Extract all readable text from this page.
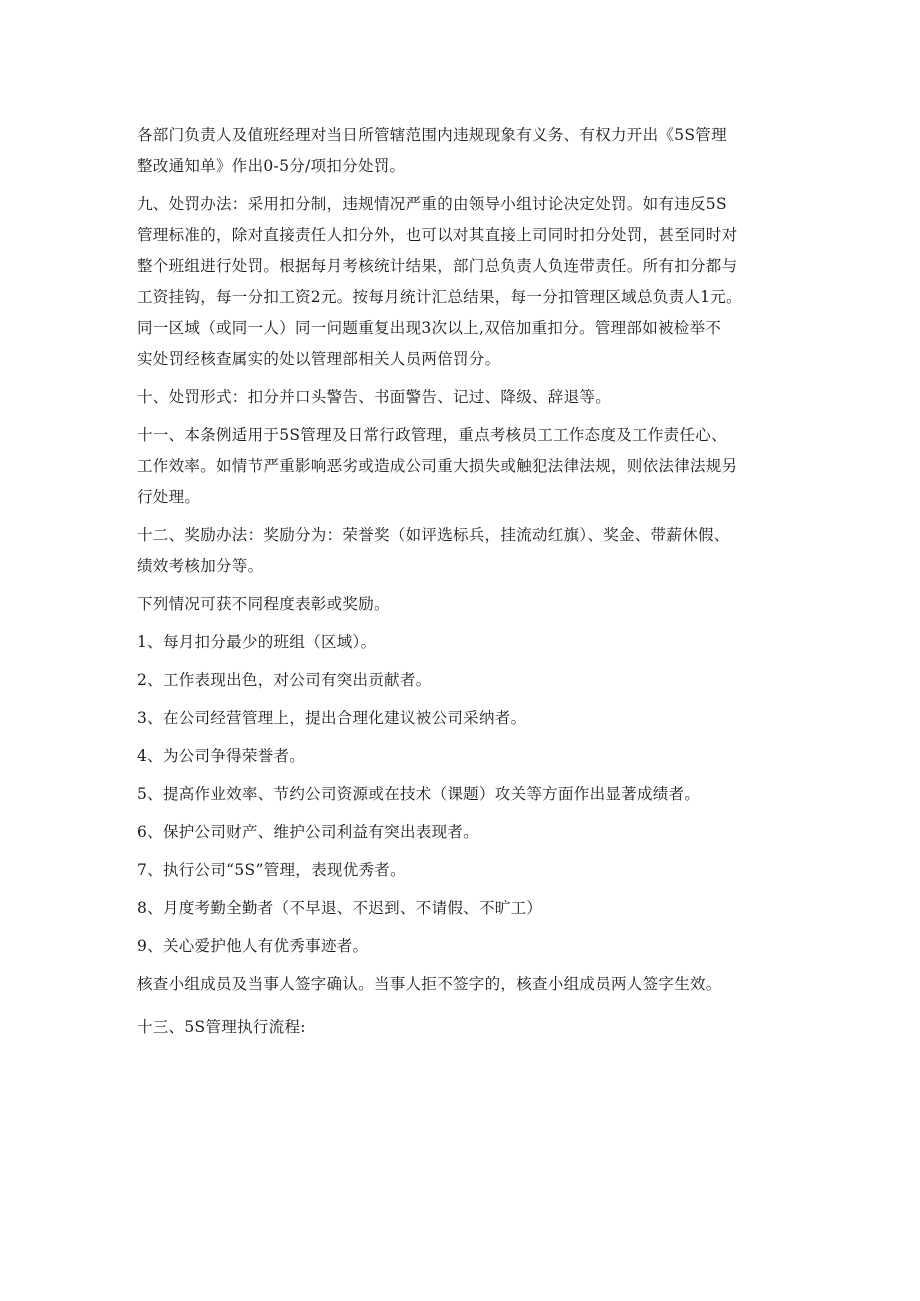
各部门负责人及值班经理对当日所管辖范围内违规现象有义务、有权力开出《5S管理
整改通知单》作出0-5分/项扣分处罚。
九、处罚办法：采用扣分制，违规情况严重的由领导小组讨论决定处罚。如有违反5S
管理标准的，除对直接责任人扣分外，也可以对其直接上司同时扣分处罚，甚至同时对
整个班组进行处罚。根据每月考核统计结果，部门总负责人负连带责任。所有扣分都与
工资挂钩，每一分扣工资2元。按每月统计汇总结果，每一分扣管理区域总负责人1元。
同一区域（或同一人）同一问题重复出现3次以上,双倍加重扣分。管理部如被检举不
实处罚经核查属实的处以管理部相关人员两倍罚分。
十、处罚形式：扣分并口头警告、书面警告、记过、降级、辞退等。
十一、本条例适用于5S管理及日常行政管理，重点考核员工工作态度及工作责任心、
工作效率。如情节严重影响恶劣或造成公司重大损失或触犯法律法规，则依法律法规另
行处理。
十二、奖励办法：奖励分为：荣誉奖（如评选标兵，挂流动红旗）、奖金、带薪休假、
绩效考核加分等。
下列情况可获不同程度表彰或奖励。
1、每月扣分最少的班组（区域）。
2、工作表现出色，对公司有突出贡献者。
3、在公司经营管理上，提出合理化建议被公司采纳者。
4、为公司争得荣誉者。
5、提高作业效率、节约公司资源或在技术（课题）攻关等方面作出显著成绩者。
6、保护公司财产、维护公司利益有突出表现者。
7、执行公司“5S”管理，表现优秀者。
8、月度考勤全勤者（不早退、不迟到、不请假、不旷工）
9、关心爱护他人有优秀事迹者。
核查小组成员及当事人签字确认。当事人拒不签字的，核查小组成员两人签字生效。
十三、5S管理执行流程:
